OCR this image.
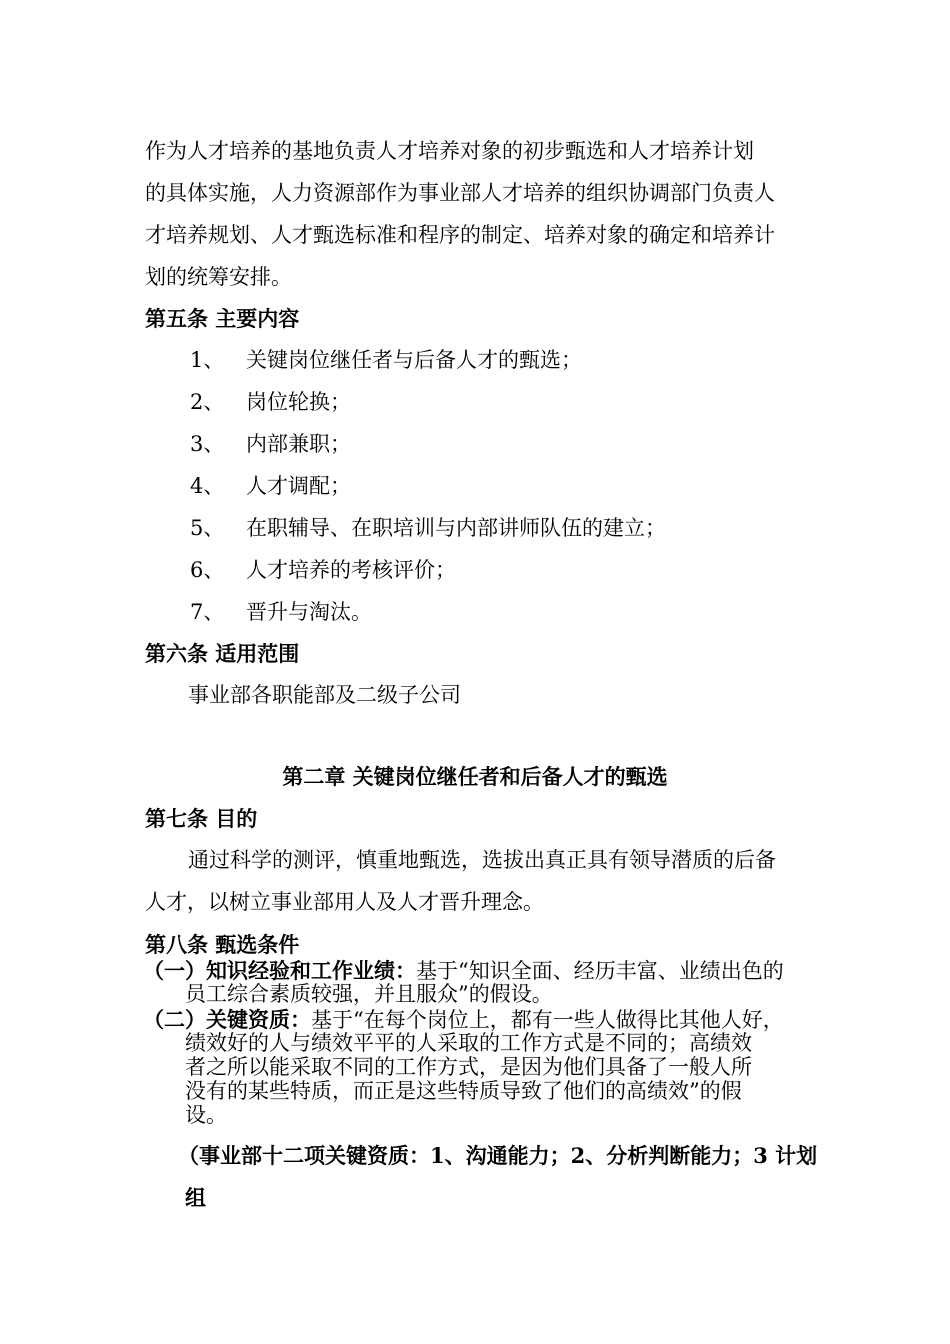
作为人才培养的基地负责人才培养对象的初步甄选和人才培养计划
的具体实施，人力资源部作为事业部人才培养的组织协调部门负责人
才培养规划、人才甄选标准和程序的制定、培养对象的确定和培养计
划的统筹安排。
第五条 主要内容
1、 关键岗位继任者与后备人才的甄选；
2、 岗位轮换；
3、 内部兼职；
4、 人才调配；
5、 在职辅导、在职培训与内部讲师队伍的建立；
6、 人才培养的考核评价；
7、 晋升与淘汰。
第六条 适用范围
事业部各职能部及二级子公司
第二章 关键岗位继任者和后备人才的甄选
第七条 目的
通过科学的测评，慎重地甄选，选拔出真正具有领导潜质的后备
人才，以树立事业部用人及人才晋升理念。
第八条 甄选条件
（一）知识经验和工作业绩：基于“知识全面、经历丰富、业绩出色的
员工综合素质较强，并且服众”的假设。
（二）关键资质：基于“在每个岗位上，都有一些人做得比其他人好，
绩效好的人与绩效平平的人采取的工作方式是不同的；高绩效
者之所以能采取不同的工作方式，是因为他们具备了一般人所
没有的某些特质，而正是这些特质导致了他们的高绩效”的假
设。
（事业部十二项关键资质：1、沟通能力；2、分析判断能力；3 计划
组
